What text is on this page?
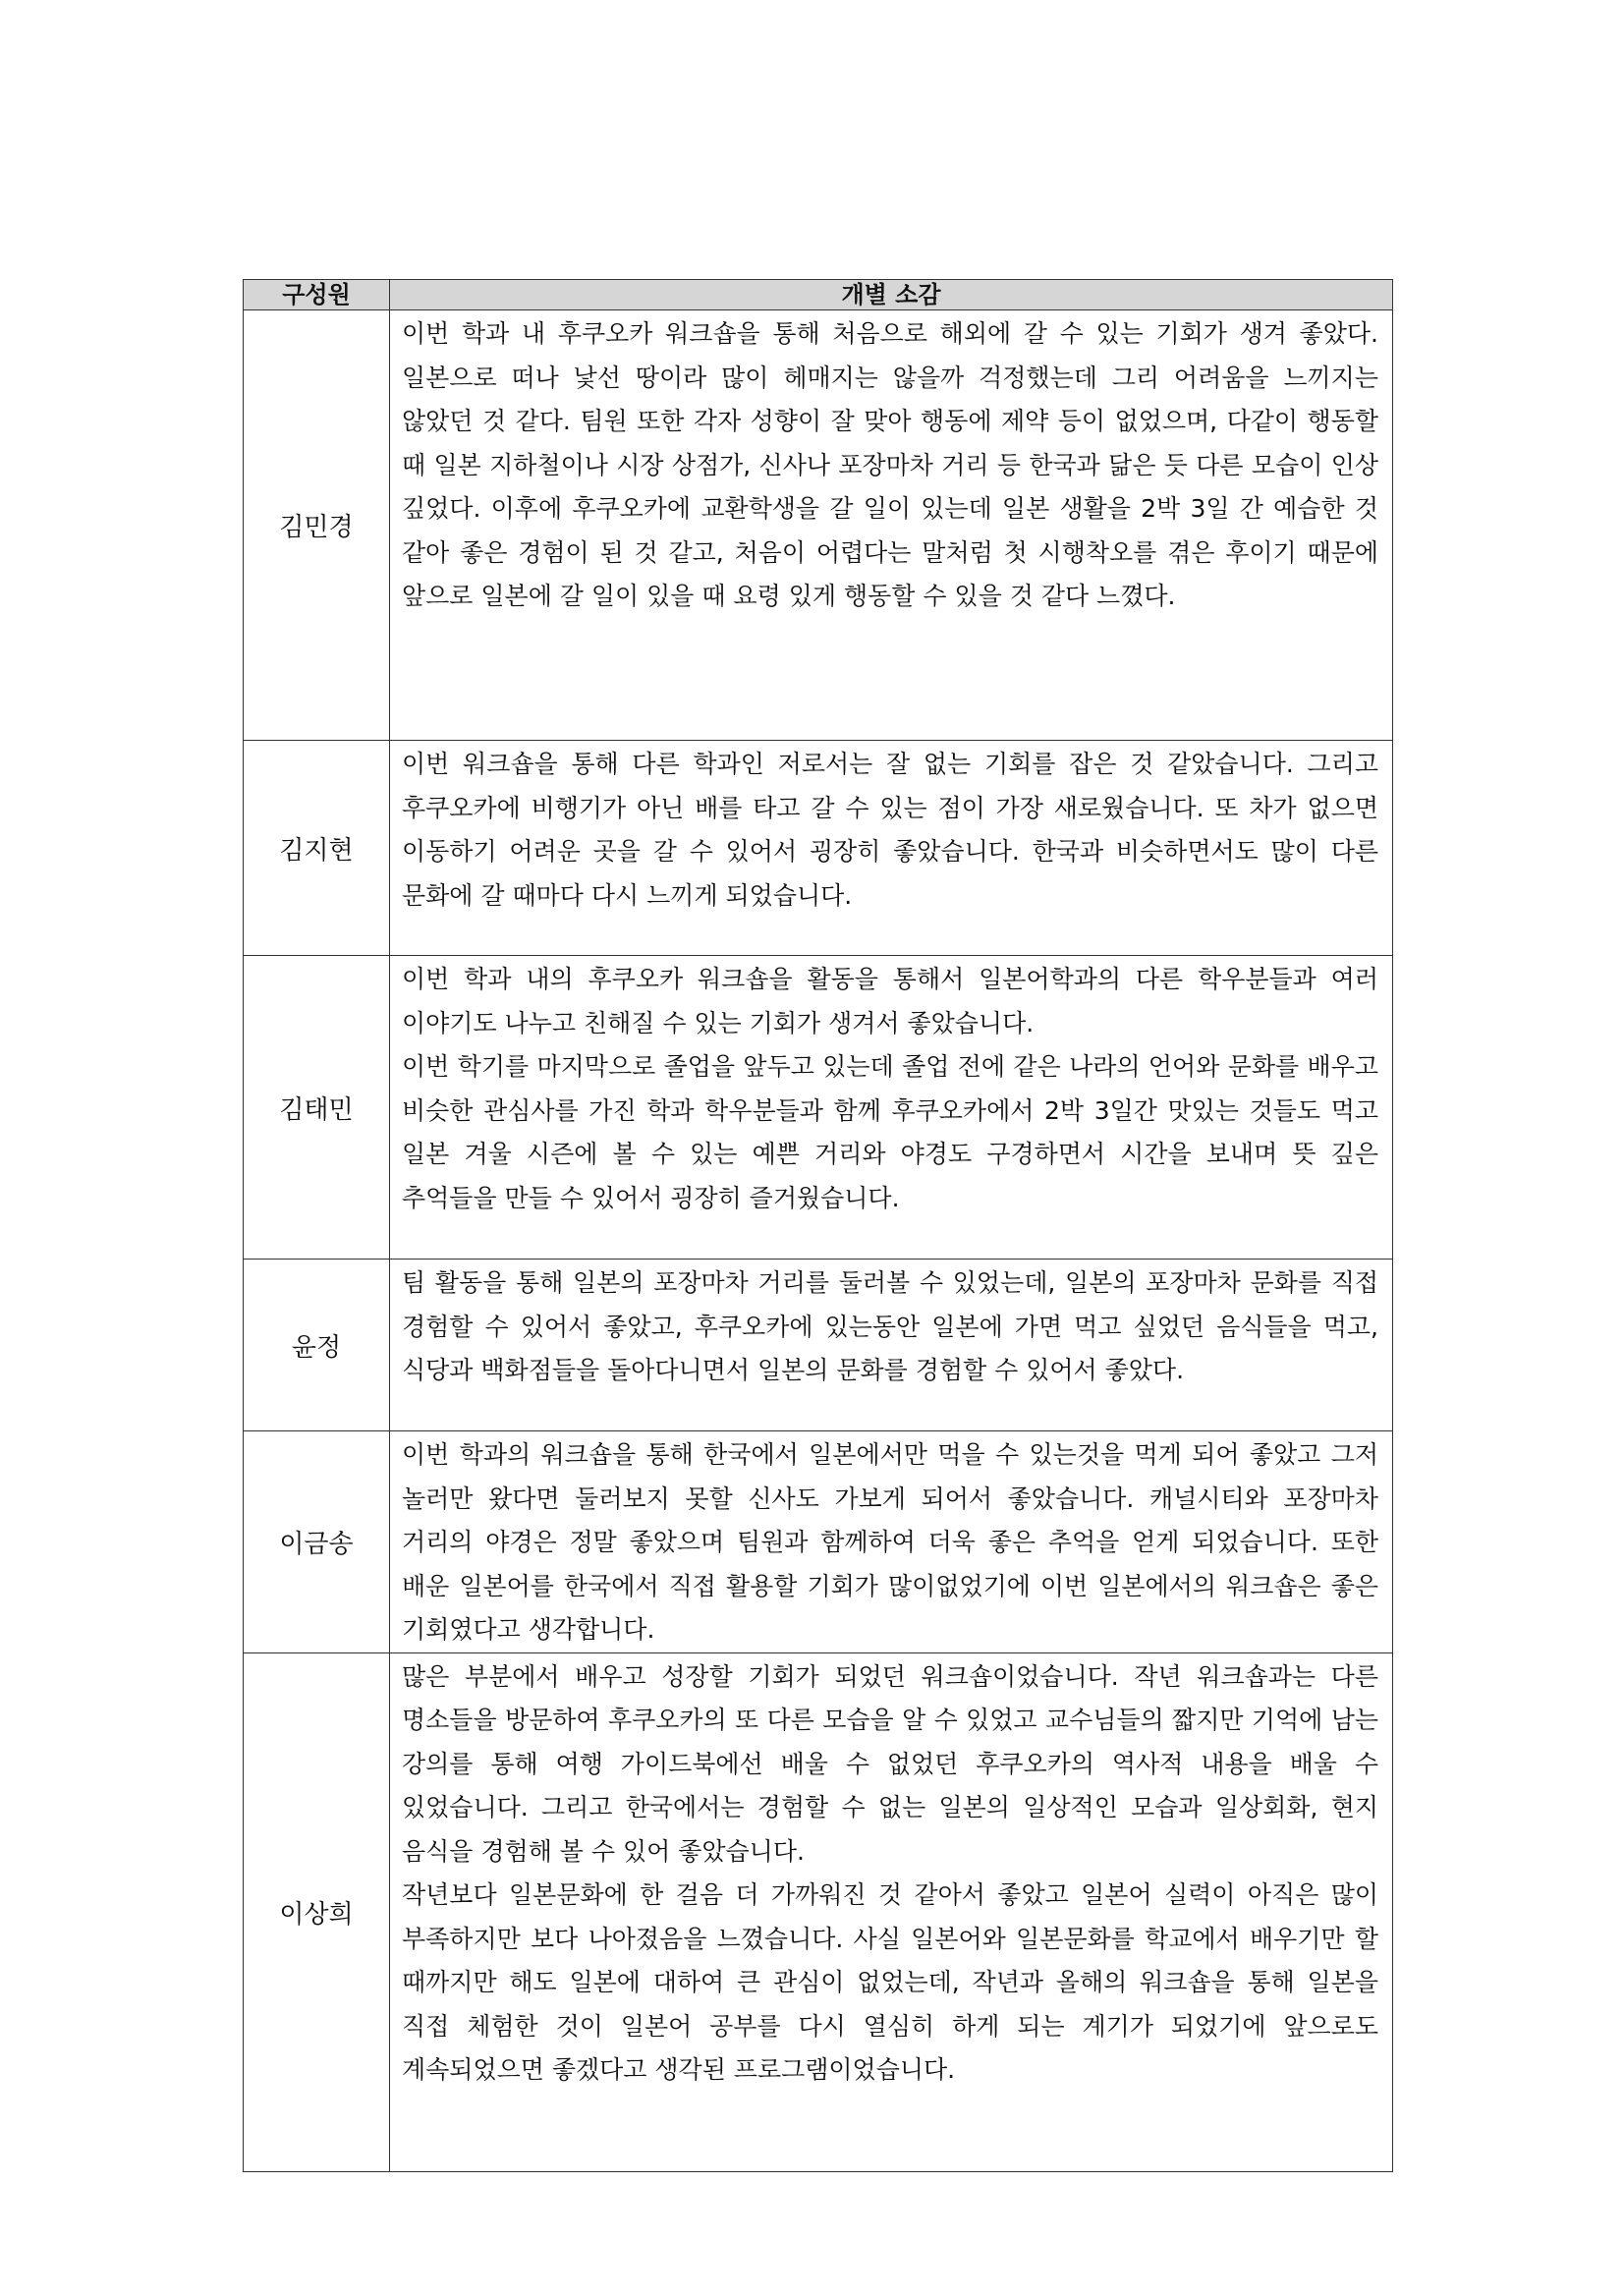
구성원	개별 소감
김민경	이번 학과 내 후쿠오카 워크숍을 통해 처음으로 해외에 갈 수 있는 기회가 생겨 좋았다. 일본으로 떠나 낯선 땅이라 많이 헤매지는 않을까 걱정했는데 그리 어려움을 느끼지는 않았던 것 같다. 팀원 또한 각자 성향이 잘 맞아 행동에 제약 등이 없었으며, 다같이 행동할 때 일본 지하철이나 시장 상점가, 신사나 포장마차 거리 등 한국과 닮은 듯 다른 모습이 인상 깊었다. 이후에 후쿠오카에 교환학생을 갈 일이 있는데 일본 생활을 2박 3일 간 예습한 것 같아 좋은 경험이 된 것 같고, 처음이 어렵다는 말처럼 첫 시행착오를 겪은 후이기 때문에 앞으로 일본에 갈 일이 있을 때 요령 있게 행동할 수 있을 것 같다 느꼈다.

김지현	이번 워크숍을 통해 다른 학과인 저로서는 잘 없는 기회를 잡은 것 같았습니다. 그리고 후쿠오카에 비행기가 아닌 배를 타고 갈 수 있는 점이 가장 새로웠습니다. 또 차가 없으면 이동하기 어려운 곳을 갈 수 있어서 굉장히 좋았습니다. 한국과 비슷하면서도 많이 다른 문화에 갈 때마다 다시 느끼게 되었습니다.

김태민	이번 학과 내의 후쿠오카 워크숍을 활동을 통해서 일본어학과의 다른 학우분들과 여러 이야기도 나누고 친해질 수 있는 기회가 생겨서 좋았습니다.

이번 학기를 마지막으로 졸업을 앞두고 있는데 졸업 전에 같은 나라의 언어와 문화를 배우고 비슷한 관심사를 가진 학과 학우분들과 함께 후쿠오카에서 2박 3일간 맛있는 것들도 먹고 일본 겨울 시즌에 볼 수 있는 예쁜 거리와 야경도 구경하면서 시간을 보내며 뜻 깊은 추억들을 만들 수 있어서 굉장히 즐거웠습니다.

윤정	팀 활동을 통해 일본의 포장마차 거리를 둘러볼 수 있었는데, 일본의 포장마차 문화를 직접 경험할 수 있어서 좋았고, 후쿠오카에 있는동안 일본에 가면 먹고 싶었던 음식들을 먹고, 식당과 백화점들을 돌아다니면서 일본의 문화를 경험할 수 있어서 좋았다.

이금송	이번 학과의 워크숍을 통해 한국에서 일본에서만 먹을 수 있는것을 먹게 되어 좋았고 그저 놀러만 왔다면 둘러보지 못할 신사도 가보게 되어서 좋았습니다. 캐널시티와 포장마차 거리의 야경은 정말 좋았으며 팀원과 함께하여 더욱 좋은 추억을 얻게 되었습니다. 또한 배운 일본어를 한국에서 직접 활용할 기회가 많이없었기에 이번 일본에서의 워크숍은 좋은 기회였다고 생각합니다.

이상희	많은 부분에서 배우고 성장할 기회가 되었던 워크숍이었습니다. 작년 워크숍과는 다른 명소들을 방문하여 후쿠오카의 또 다른 모습을 알 수 있었고 교수님들의 짧지만 기억에 남는 강의를 통해 여행 가이드북에선 배울 수 없었던 후쿠오카의 역사적 내용을 배울 수 있었습니다. 그리고 한국에서는 경험할 수 없는 일본의 일상적인 모습과 일상회화, 현지 음식을 경험해 볼 수 있어 좋았습니다.

작년보다 일본문화에 한 걸음 더 가까워진 것 같아서 좋았고 일본어 실력이 아직은 많이 부족하지만 보다 나아졌음을 느꼈습니다. 사실 일본어와 일본문화를 학교에서 배우기만 할 때까지만 해도 일본에 대하여 큰 관심이 없었는데, 작년과 올해의 워크숍을 통해 일본을 직접 체험한 것이 일본어 공부를 다시 열심히 하게 되는 계기가 되었기에 앞으로도 계속되었으면 좋겠다고 생각된 프로그램이었습니다.
